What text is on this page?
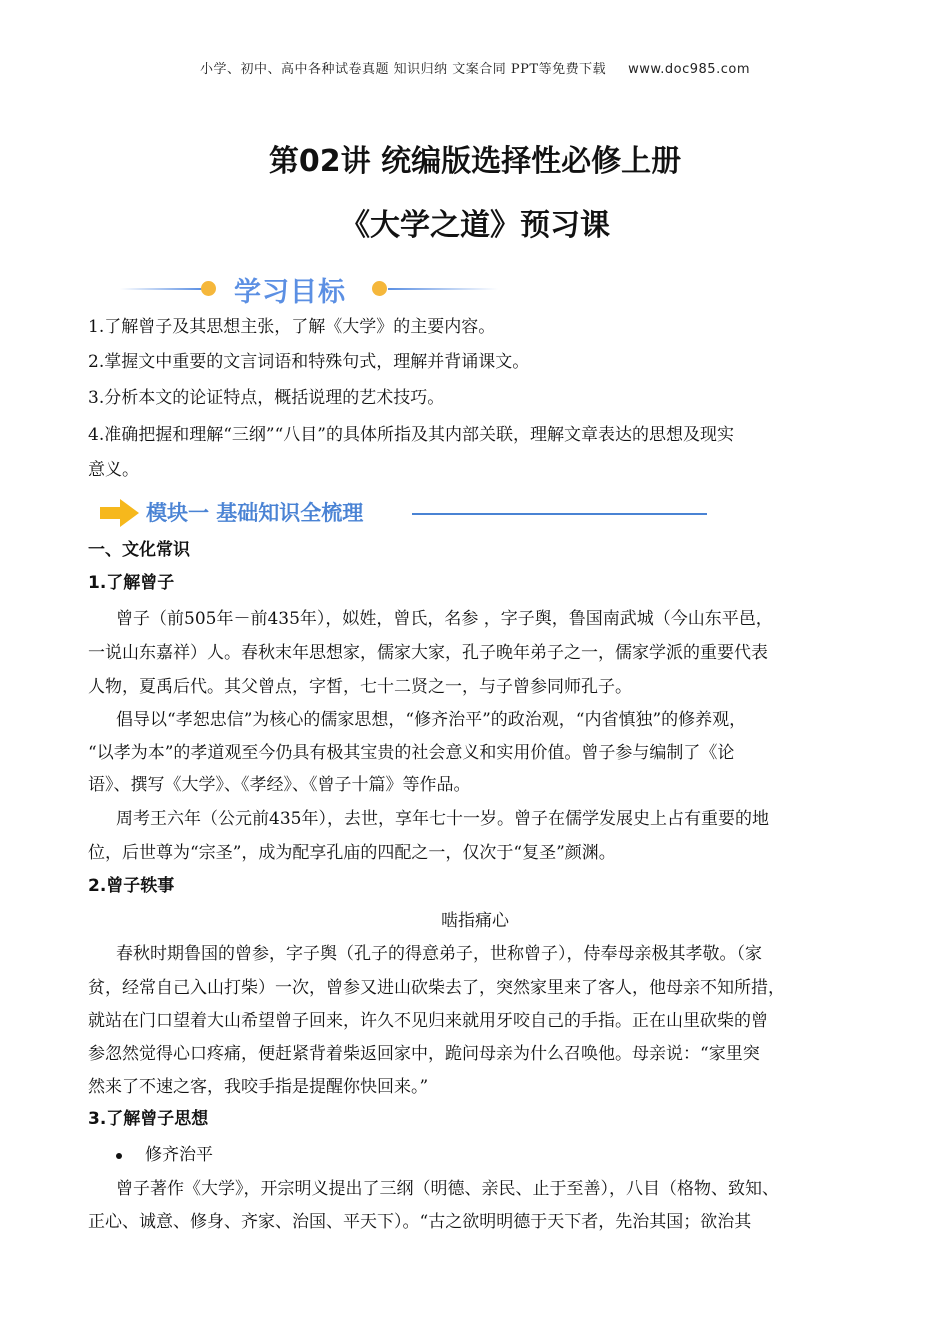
小学、初中、高中各种试卷真题 知识归纳 文案合同 PPT等免费下载 www.doc985.com
第02讲 统编版选择性必修上册
《大学之道》预习课
学习目标
1.了解曾子及其思想主张，了解《大学》的主要内容。
2.掌握文中重要的文言词语和特殊句式，理解并背诵课文。
3.分析本文的论证特点，概括说理的艺术技巧。
4.准确把握和理解“三纲”“八目”的具体所指及其内部关联，理解文章表达的思想及现实
意义。
模块一 基础知识全梳理
一、文化常识
1.了解曾子
曾子（前505年－前435年），姒姓，曾氏，名参 ，字子舆，鲁国南武城（今山东平邑，
一说山东嘉祥）人。春秋末年思想家，儒家大家，孔子晚年弟子之一，儒家学派的重要代表
人物，夏禹后代。其父曾点，字皙，七十二贤之一，与子曾参同师孔子。
倡导以“孝恕忠信”为核心的儒家思想，“修齐治平”的政治观，“内省慎独”的修养观，
“以孝为本”的孝道观至今仍具有极其宝贵的社会意义和实用价值。曾子参与编制了《论
语》、撰写《大学》、《孝经》、《曾子十篇》等作品。
周考王六年（公元前435年），去世，享年七十一岁。曾子在儒学发展史上占有重要的地
位，后世尊为“宗圣”，成为配享孔庙的四配之一，仅次于“复圣”颜渊。
2.曾子轶事
啮指痛心
春秋时期鲁国的曾参，字子舆（孔子的得意弟子，世称曾子），侍奉母亲极其孝敬。（家
贫，经常自己入山打柴）一次，曾参又进山砍柴去了，突然家里来了客人，他母亲不知所措，
就站在门口望着大山希望曾子回来，许久不见归来就用牙咬自己的手指。正在山里砍柴的曾
参忽然觉得心口疼痛，便赶紧背着柴返回家中，跪问母亲为什么召唤他。母亲说：“家里突
然来了不速之客，我咬手指是提醒你快回来。”
3.了解曾子思想
修齐治平
曾子著作《大学》，开宗明义提出了三纲（明德、亲民、止于至善），八目（格物、致知、
正心、诚意、修身、齐家、治国、平天下）。“古之欲明明德于天下者，先治其国；欲治其
